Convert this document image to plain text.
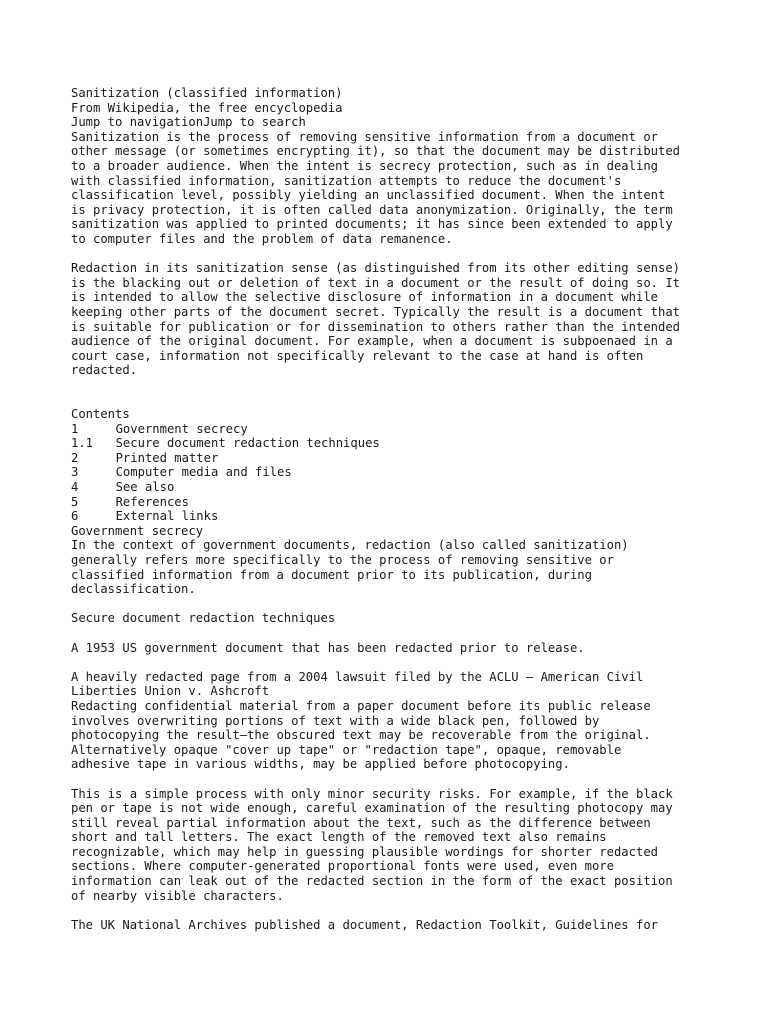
Sanitization (classified information)
From Wikipedia, the free encyclopedia
Jump to navigationJump to search
Sanitization is the process of removing sensitive information from a document or
other message (or sometimes encrypting it), so that the document may be distributed
to a broader audience. When the intent is secrecy protection, such as in dealing
with classified information, sanitization attempts to reduce the document's
classification level, possibly yielding an unclassified document. When the intent
is privacy protection, it is often called data anonymization. Originally, the term
sanitization was applied to printed documents; it has since been extended to apply
to computer files and the problem of data remanence.
Redaction in its sanitization sense (as distinguished from its other editing sense)
is the blacking out or deletion of text in a document or the result of doing so. It
is intended to allow the selective disclosure of information in a document while
keeping other parts of the document secret. Typically the result is a document that
is suitable for publication or for dissemination to others rather than the intended
audience of the original document. For example, when a document is subpoenaed in a
court case, information not specifically relevant to the case at hand is often
redacted.
Contents
1	Government secrecy
1.1	Secure document redaction techniques
2	Printed matter
3	Computer media and files
4	See also
5	References
6	External links
Government secrecy
In the context of government documents, redaction (also called sanitization)
generally refers more specifically to the process of removing sensitive or
classified information from a document prior to its publication, during
declassification.
Secure document redaction techniques
A 1953 US government document that has been redacted prior to release.
A heavily redacted page from a 2004 lawsuit filed by the ACLU — American Civil
Liberties Union v. Ashcroft
Redacting confidential material from a paper document before its public release
involves overwriting portions of text with a wide black pen, followed by
photocopying the result—the obscured text may be recoverable from the original.
Alternatively opaque "cover up tape" or "redaction tape", opaque, removable
adhesive tape in various widths, may be applied before photocopying.
This is a simple process with only minor security risks. For example, if the black
pen or tape is not wide enough, careful examination of the resulting photocopy may
still reveal partial information about the text, such as the difference between
short and tall letters. The exact length of the removed text also remains
recognizable, which may help in guessing plausible wordings for shorter redacted
sections. Where computer-generated proportional fonts were used, even more
information can leak out of the redacted section in the form of the exact position
of nearby visible characters.
The UK National Archives published a document, Redaction Toolkit, Guidelines for
